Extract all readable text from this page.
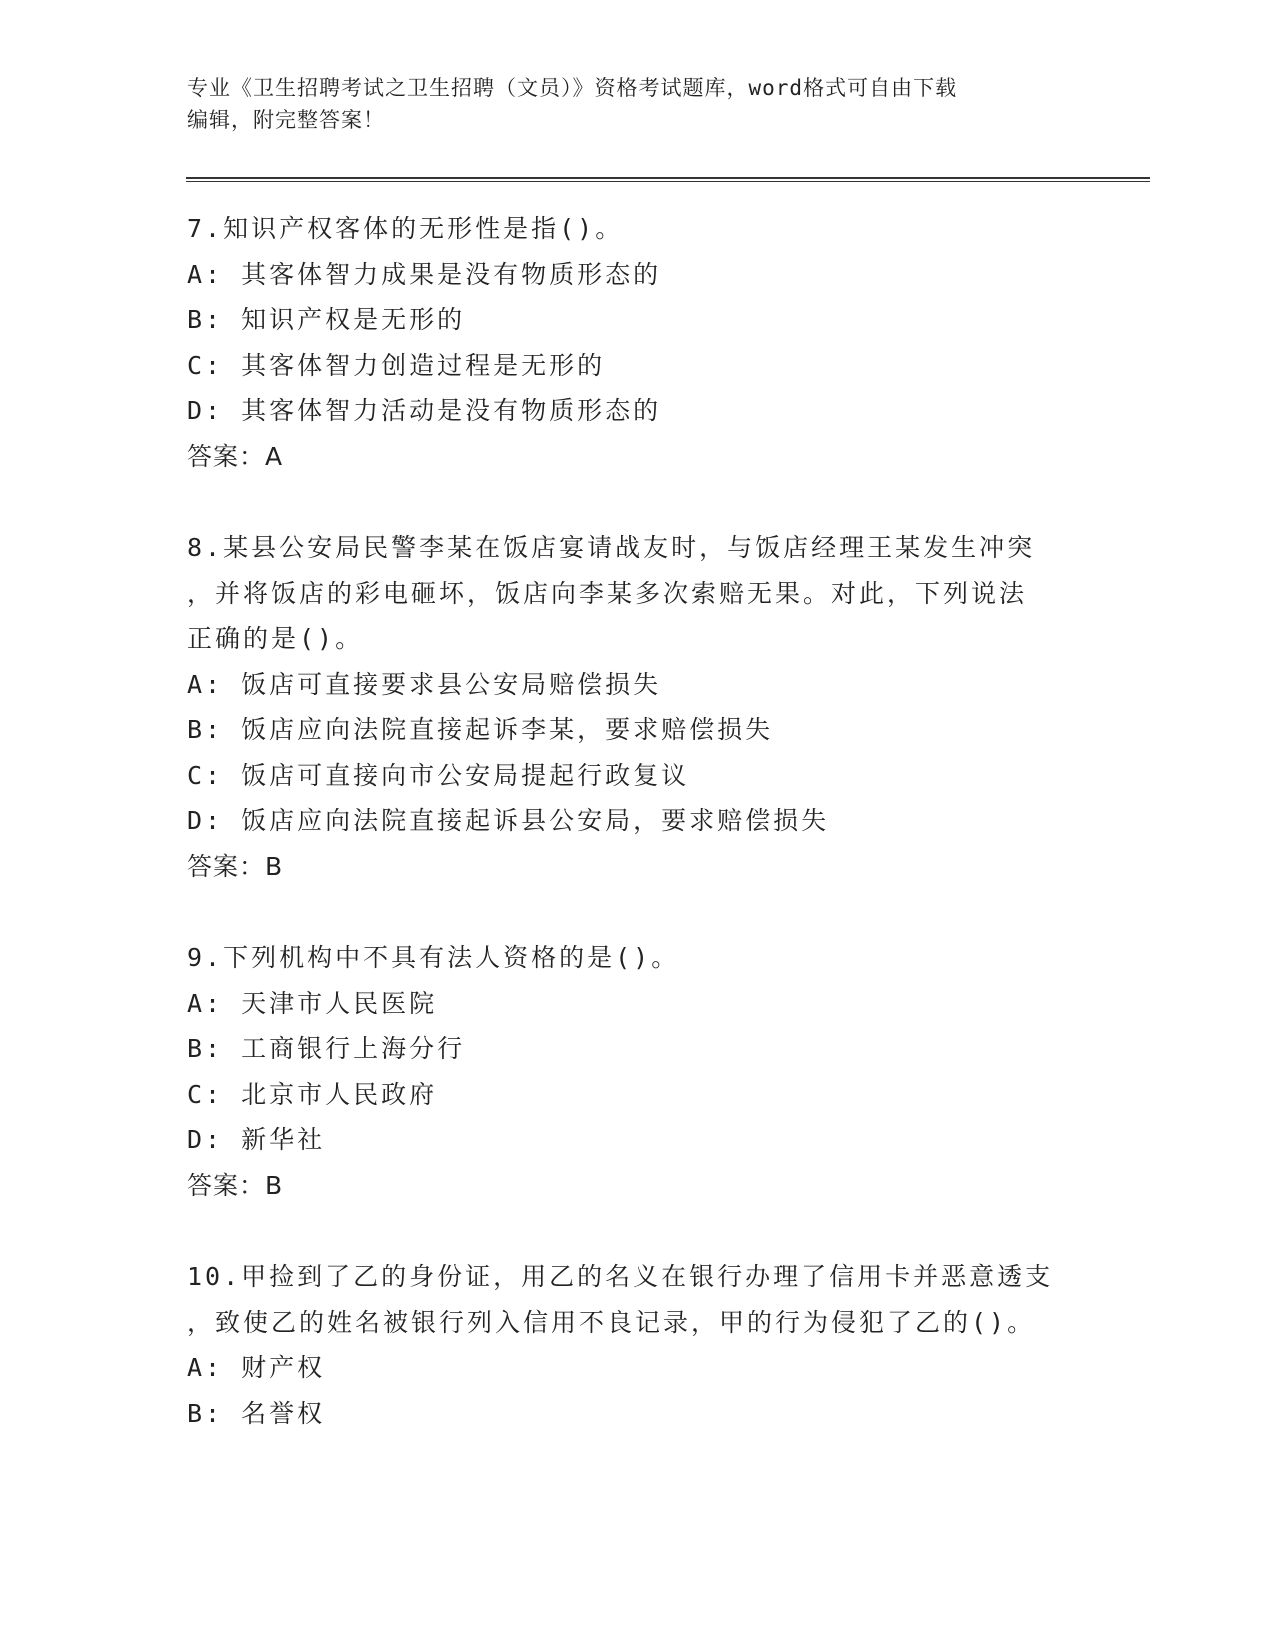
专业《卫生招聘考试之卫生招聘（文员）》资格考试题库，word格式可自由下载
编辑，附完整答案！
7.知识产权客体的无形性是指()。
A: 其客体智力成果是没有物质形态的
B: 知识产权是无形的
C: 其客体智力创造过程是无形的
D: 其客体智力活动是没有物质形态的
答案：A
8.某县公安局民警李某在饭店宴请战友时，与饭店经理王某发生冲突
，并将饭店的彩电砸坏，饭店向李某多次索赔无果。对此，下列说法
正确的是()。
A: 饭店可直接要求县公安局赔偿损失
B: 饭店应向法院直接起诉李某，要求赔偿损失
C: 饭店可直接向市公安局提起行政复议
D: 饭店应向法院直接起诉县公安局，要求赔偿损失
答案：B
9.下列机构中不具有法人资格的是()。
A: 天津市人民医院
B: 工商银行上海分行
C: 北京市人民政府
D: 新华社
答案：B
10.甲捡到了乙的身份证，用乙的名义在银行办理了信用卡并恶意透支
，致使乙的姓名被银行列入信用不良记录，甲的行为侵犯了乙的()。
A: 财产权
B: 名誉权
